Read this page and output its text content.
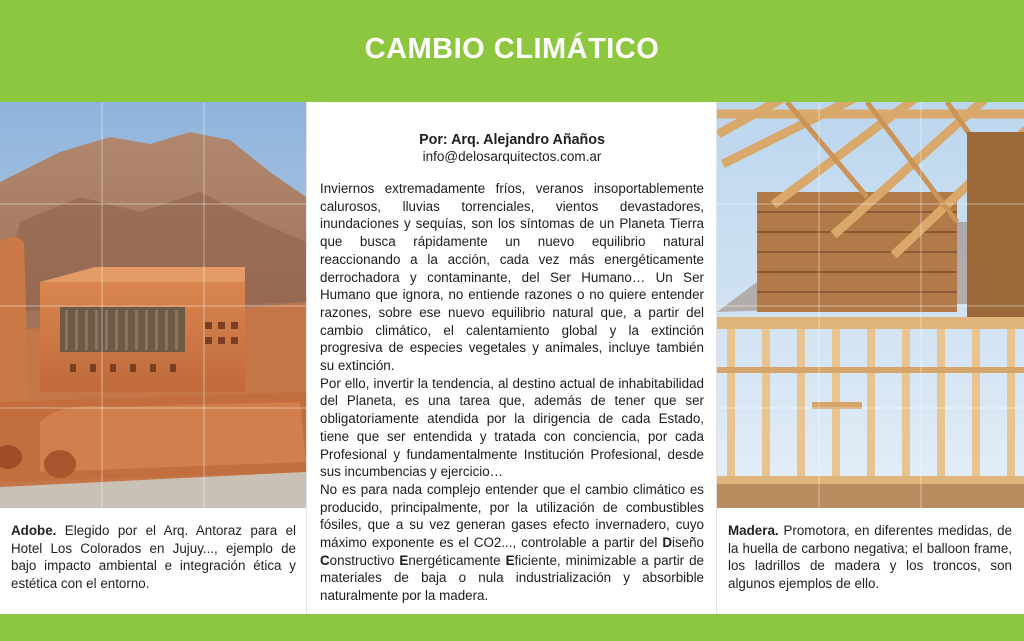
CAMBIO CLIMÁTICO
Por: Arq. Alejandro Añaños
info@delosarquitectos.com.ar

Inviernos extremadamente fríos, veranos insoportablemente calurosos, lluvias torrenciales, vientos devastadores, inundaciones y sequías, son los síntomas de un Planeta Tierra que busca rápidamente un nuevo equilibrio natural reaccionando a la acción, cada vez más energéticamente derrochadora y contaminante, del Ser Humano… Un Ser Humano que ignora, no entiende razones o no quiere entender razones, sobre ese nuevo equilibrio natural que, a partir del cambio climático, el calentamiento global y la extinción progresiva de especies vegetales y animales, incluye también su extinción.

Por ello, invertir la tendencia, al destino actual de inhabitabilidad del Planeta, es una tarea que, además de tener que ser obligatoriamente atendida por la dirigencia de cada Estado, tiene que ser entendida y tratada con conciencia, por cada Profesional y fundamentalmente Institución Profesional, desde sus incumbencias y ejercicio…

No es para nada complejo entender que el cambio climático es producido, principalmente, por la utilización de combustibles fósiles, que a su vez generan gases efecto invernadero, cuyo máximo exponente es el CO2..., controlable a partir del Diseño Constructivo Energéticamente Eficiente, minimizable a partir de materiales de baja o nula industrialización y absorbible naturalmente por la madera.

Adobe. Elegido por el Arq. Antoraz para el Hotel Los Colorados en Jujuy..., ejemplo de bajo impacto ambiental e integración ética y estética con el entorno.
Madera. Promotora, en diferentes medidas, de la huella de carbono negativa; el balloon frame, los ladrillos de madera y los troncos, son algunos ejemplos de ello.
